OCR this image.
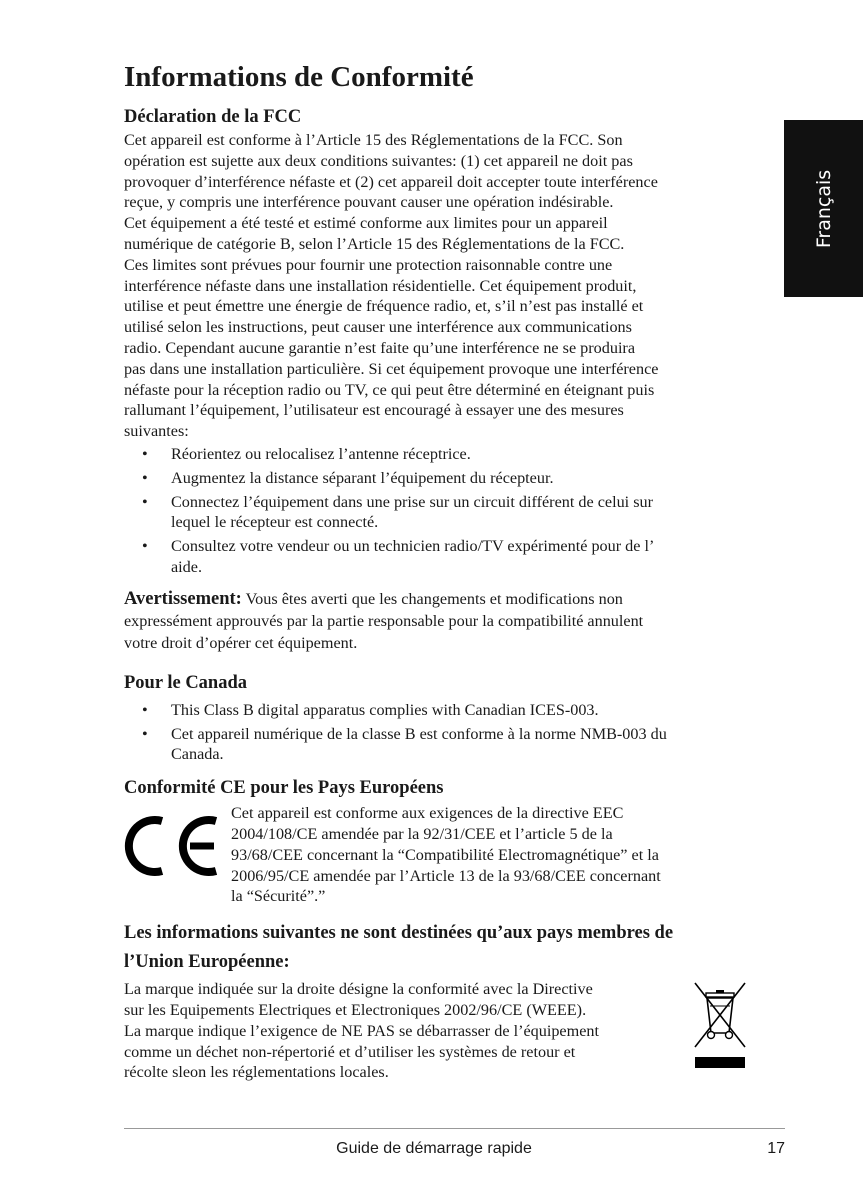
Français
Informations de Conformité
Déclaration de la FCC

Cet appareil est conforme à l’Article 15 des Réglementations de la FCC. Son
opération est sujette aux deux conditions suivantes: (1) cet appareil ne doit pas
provoquer d’interférence néfaste et (2) cet appareil doit accepter toute interférence
reçue, y compris une interférence pouvant causer une opération indésirable.
Cet équipement a été testé et estimé conforme aux limites pour un appareil
numérique de catégorie B, selon l’Article 15 des Réglementations de la FCC.
Ces limites sont prévues pour fournir une protection raisonnable contre une
interférence néfaste dans une installation résidentielle. Cet équipement produit,
utilise et peut émettre une énergie de fréquence radio, et, s’il n’est pas installé et
utilisé selon les instructions, peut causer une interférence aux communications
radio. Cependant aucune garantie n’est faite qu’une interférence ne se produira
pas dans une installation particulière. Si cet équipement provoque une interférence
néfaste pour la réception radio ou TV, ce qui peut être déterminé en éteignant puis
rallumant l’équipement, l’utilisateur est encouragé à essayer une des mesures
suivantes:

• Réorientez ou relocalisez l’antenne réceptrice.
• Augmentez la distance séparant l’équipement du récepteur.
• Connectez l’équipement dans une prise sur un circuit différent de celui sur
lequel le récepteur est connecté.
• Consultez votre vendeur ou un technicien radio/TV expérimenté pour de l’
aide.

Avertissement: Vous êtes averti que les changements et modifications non
expressément approuvés par la partie responsable pour la compatibilité annulent
votre droit d’opérer cet équipement.

Pour le Canada
• This Class B digital apparatus complies with Canadian ICES-003.
• Cet appareil numérique de la classe B est conforme à la norme NMB-003 du
Canada.
Conformité CE pour les Pays Européens

Cet appareil est conforme aux exigences de la directive EEC
2004/108/CE amendée par la 92/31/CEE et l’article 5 de la
93/68/CEE concernant la “Compatibilité Electromagnétique” et la
2006/95/CE amendée par l’Article 13 de la 93/68/CEE concernant
la “Sécurité”.”

Les informations suivantes ne sont destinées qu’aux pays membres de
l’Union Européenne:

La marque indiquée sur la droite désigne la conformité avec la Directive
sur les Equipements Electriques et Electroniques 2002/96/CE (WEEE).
La marque indique l’exigence de NE PAS se débarrasser de l’équipement
comme un déchet non-répertorié et d’utiliser les systèmes de retour et
récolte sleon les réglementations locales.

Guide de démarrage rapide	17
